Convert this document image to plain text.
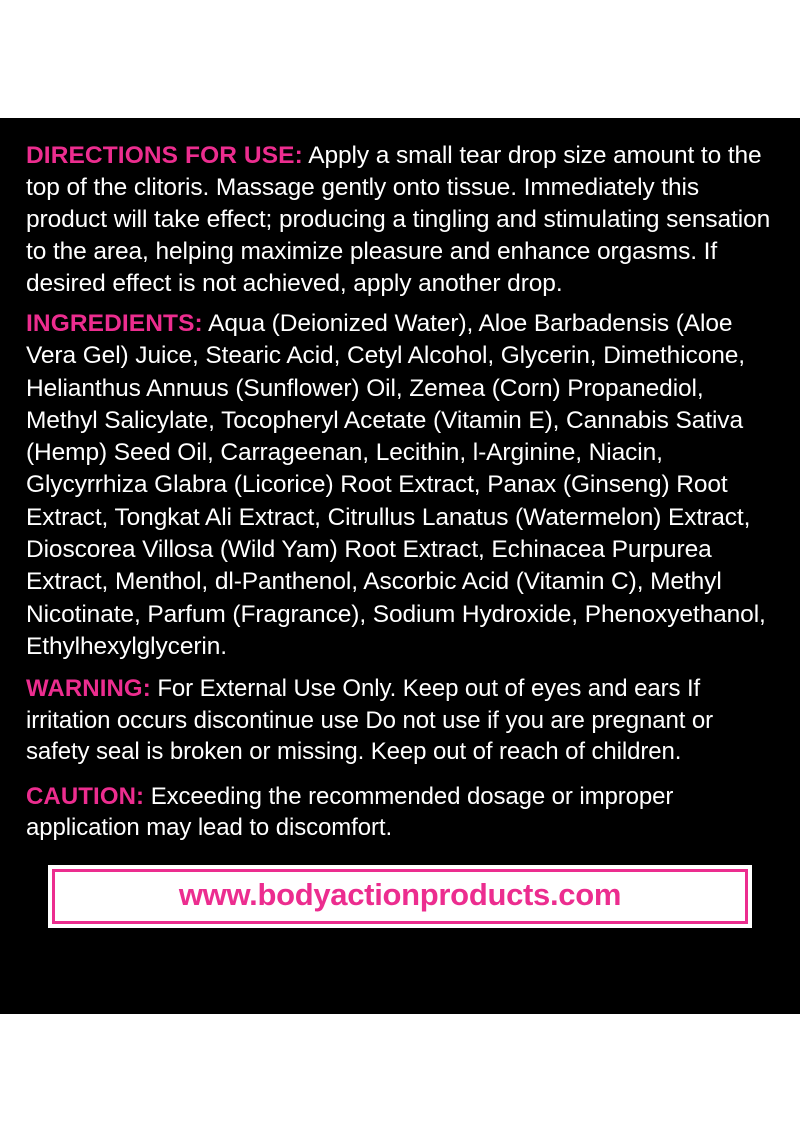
DIRECTIONS FOR USE: Apply a small tear drop size amount to the top of the clitoris. Massage gently onto tissue. Immediately this product will take effect; producing a tingling and stimulating sensation to the area, helping maximize pleasure and enhance orgasms. If desired effect is not achieved, apply another drop.

INGREDIENTS: Aqua (Deionized Water), Aloe Barbadensis (Aloe Vera Gel) Juice, Stearic Acid, Cetyl Alcohol, Glycerin, Dimethicone, Helianthus Annuus (Sunflower) Oil, Zemea (Corn) Propanediol, Methyl Salicylate, Tocopheryl Acetate (Vitamin E), Cannabis Sativa (Hemp) Seed Oil, Carrageenan, Lecithin, l-Arginine, Niacin, Glycyrrhiza Glabra (Licorice) Root Extract, Panax (Ginseng) Root Extract, Tongkat Ali Extract, Citrullus Lanatus (Watermelon) Extract, Dioscorea Villosa (Wild Yam) Root Extract, Echinacea Purpurea Extract, Menthol, dl-Panthenol, Ascorbic Acid (Vitamin C), Methyl Nicotinate, Parfum (Fragrance), Sodium Hydroxide, Phenoxyethanol, Ethylhexylglycerin.

WARNING: For External Use Only. Keep out of eyes and ears If irritation occurs discontinue use Do not use if you are pregnant or safety seal is broken or missing. Keep out of reach of children.

CAUTION: Exceeding the recommended dosage or improper application may lead to discomfort.

www.bodyactionproducts.com
